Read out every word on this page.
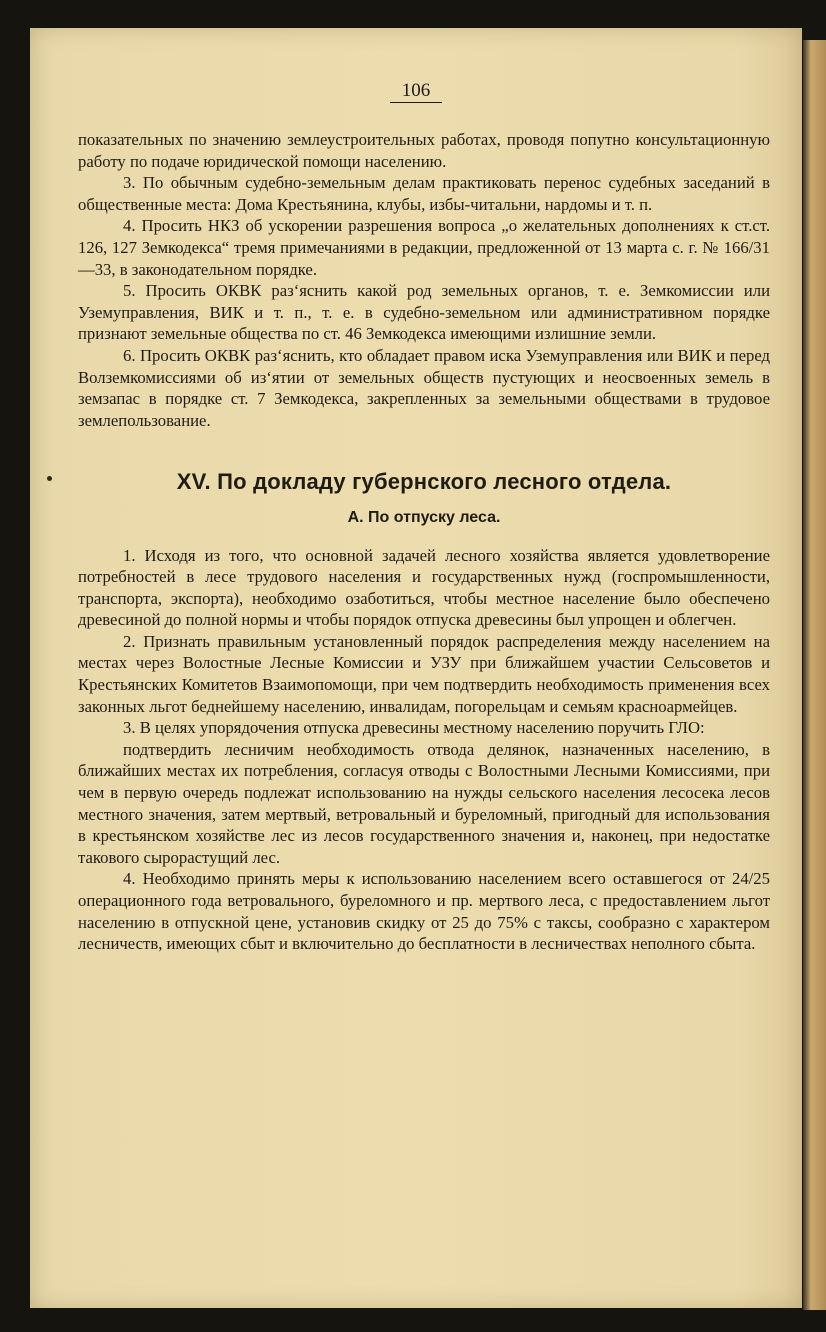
106

показательных по значению землеустроительных работах, проводя попутно консультационную работу по подаче юридической помощи населению.

3. По обычным судебно-земельным делам практиковать перенос судебных заседаний в общественные места: Дома Крестьянина, клубы, избы-читальни, нардомы и т. п.

4. Просить НКЗ об ускорении разрешения вопроса „о желательных дополнениях к ст.ст. 126, 127 Земкодекса“ тремя примечаниями в редакции, предложенной от 13 марта с. г. № 166/31—33, в законодательном порядке.

5. Просить ОКВК раз‘яснить какой род земельных органов, т. е. Земкомиссии или Уземуправления, ВИК и т. п., т. е. в судебно-земельном или административном порядке признают земельные общества по ст. 46 Земкодекса имеющими излишние земли.

6. Просить ОКВК раз‘яснить, кто обладает правом иска Уземуправления или ВИК и перед Волземкомиссиями об из‘ятии от земельных обществ пустующих и неосвоенных земель в земзапас в порядке ст. 7 Земкодекса, закрепленных за земельными обществами в трудовое землепользование.

XV. По докладу губернского лесного отдела.

А. По отпуску леса.

1. Исходя из того, что основной задачей лесного хозяйства является удовлетворение потребностей в лесе трудового населения и государственных нужд (госпромышленности, транспорта, экспорта), необходимо озаботиться, чтобы местное население было обеспечено древесиной до полной нормы и чтобы порядок отпуска древесины был упрощен и облегчен.

2. Признать правильным установленный порядок распределения между населением на местах через Волостные Лесные Комиссии и УЗУ при ближайшем участии Сельсоветов и Крестьянских Комитетов Взаимопомощи, при чем подтвердить необходимость применения всех законных льгот беднейшему населению, инвалидам, погорельцам и семьям красноармейцев.

3. В целях упорядочения отпуска древесины местному населению поручить ГЛО:

подтвердить лесничим необходимость отвода делянок, назначенных населению, в ближайших местах их потребления, согласуя отводы с Волостными Лесными Комиссиями, при чем в первую очередь подлежат использованию на нужды сельского населения лесосека лесов местного значения, затем мертвый, ветровальный и буреломный, пригодный для использования в крестьянском хозяйстве лес из лесов государственного значения и, наконец, при недостатке такового сырорастущий лес.

4. Необходимо принять меры к использованию населением всего оставшегося от 24/25 операционного года ветровального, буреломного и пр. мертвого леса, с предоставлением льгот населению в отпускной цене, установив скидку от 25 до 75% с таксы, сообразно с характером лесничеств, имеющих сбыт и включительно до бесплатности в лесничествах неполного сбыта.
